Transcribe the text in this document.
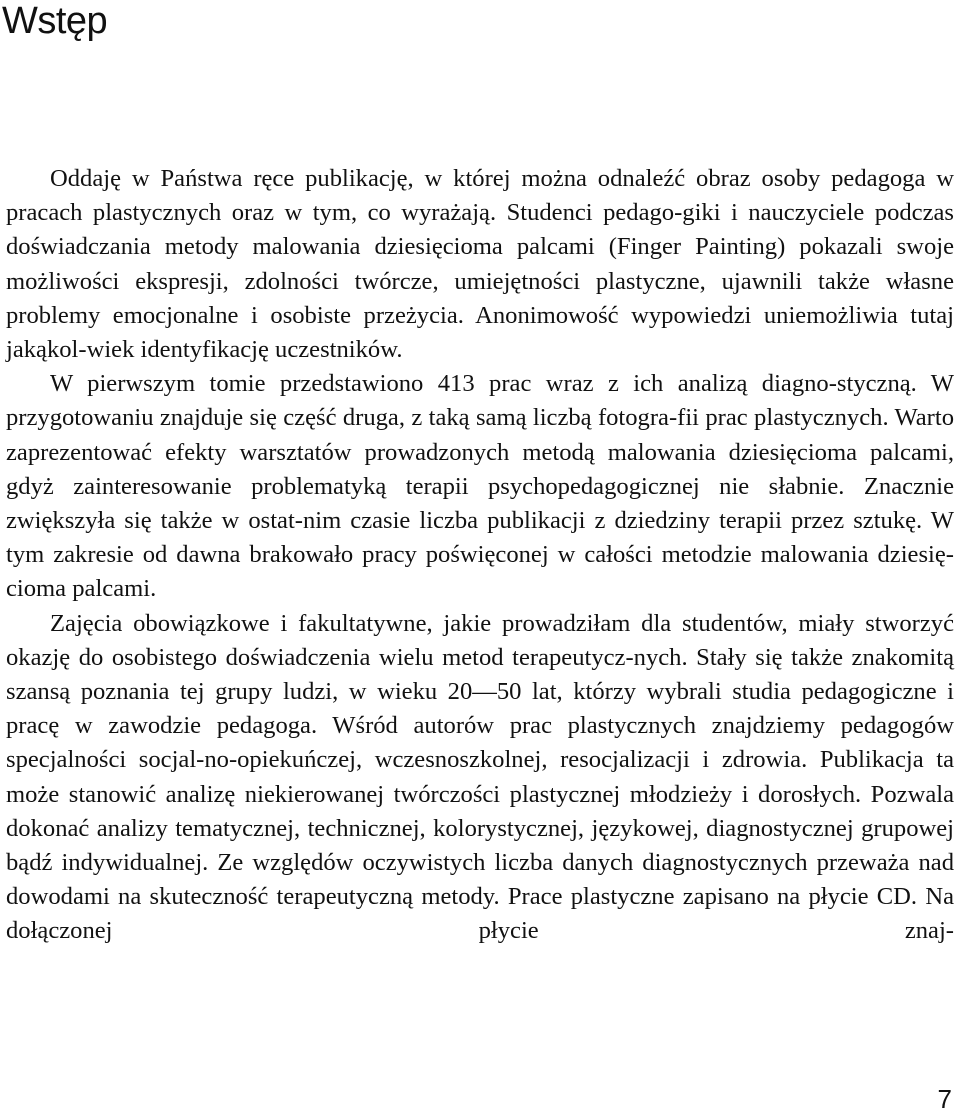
Wstęp

Oddaję w Państwa ręce publikację, w której można odnaleźć obraz osoby pedagoga w pracach plastycznych oraz w tym, co wyrażają. Studenci pedago-giki i nauczyciele podczas doświadczania metody malowania dziesięcioma palcami (Finger Painting) pokazali swoje możliwości ekspresji, zdolności twórcze, umiejętności plastyczne, ujawnili także własne problemy emocjonalne i osobiste przeżycia. Anonimowość wypowiedzi uniemożliwia tutaj jakąkol-wiek identyfikację uczestników.

W pierwszym tomie przedstawiono 413 prac wraz z ich analizą diagno-styczną. W przygotowaniu znajduje się część druga, z taką samą liczbą fotogra-fii prac plastycznych. Warto zaprezentować efekty warsztatów prowadzonych metodą malowania dziesięcioma palcami, gdyż zainteresowanie problematyką terapii psychopedagogicznej nie słabnie. Znacznie zwiększyła się także w ostat-nim czasie liczba publikacji z dziedziny terapii przez sztukę. W tym zakresie od dawna brakowało pracy poświęconej w całości metodzie malowania dziesię-cioma palcami.

Zajęcia obowiązkowe i fakultatywne, jakie prowadziłam dla studentów, miały stworzyć okazję do osobistego doświadczenia wielu metod terapeutycz-nych. Stały się także znakomitą szansą poznania tej grupy ludzi, w wieku 20—50 lat, którzy wybrali studia pedagogiczne i pracę w zawodzie pedagoga. Wśród autorów prac plastycznych znajdziemy pedagogów specjalności socjal-no-opiekuńczej, wczesnoszkolnej, resocjalizacji i zdrowia. Publikacja ta może stanowić analizę niekierowanej twórczości plastycznej młodzieży i dorosłych. Pozwala dokonać analizy tematycznej, technicznej, kolorystycznej, językowej, diagnostycznej grupowej bądź indywidualnej. Ze względów oczywistych liczba danych diagnostycznych przeważa nad dowodami na skuteczność terapeutyczną metody. Prace plastyczne zapisano na płycie CD. Na dołączonej płycie znaj-

7
